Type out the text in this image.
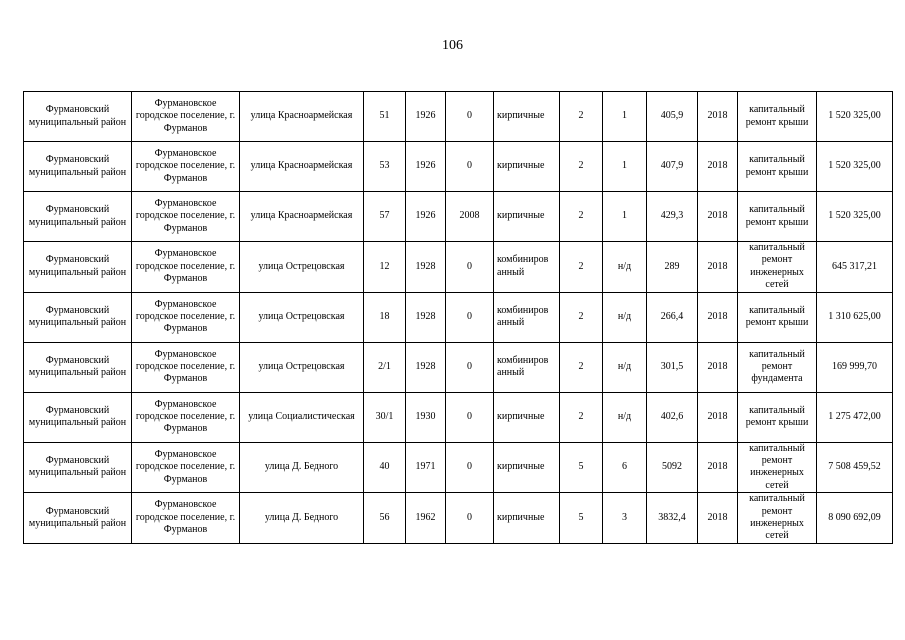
106
Фурмановский муниципальный район	Фурмановское городское поселение, г. Фурманов	улица Красноармейская	51	1926	0	кирпичные	2	1	405,9	2018	капитальный ремонт крыши	1 520 325,00
Фурмановский муниципальный район	Фурмановское городское поселение, г. Фурманов	улица Красноармейская	53	1926	0	кирпичные	2	1	407,9	2018	капитальный ремонт крыши	1 520 325,00
Фурмановский муниципальный район	Фурмановское городское поселение, г. Фурманов	улица Красноармейская	57	1926	2008	кирпичные	2	1	429,3	2018	капитальный ремонт крыши	1 520 325,00
Фурмановский муниципальный район	Фурмановское городское поселение, г. Фурманов	улица Острецовская	12	1928	0	комбиниров анный	2	н/д	289	2018	капитальный ремонт инженерных сетей	645 317,21
Фурмановский муниципальный район	Фурмановское городское поселение, г. Фурманов	улица Острецовская	18	1928	0	комбиниров анный	2	н/д	266,4	2018	капитальный ремонт крыши	1 310 625,00
Фурмановский муниципальный район	Фурмановское городское поселение, г. Фурманов	улица Острецовская	2/1	1928	0	комбиниров анный	2	н/д	301,5	2018	капитальный ремонт фундамента	169 999,70
Фурмановский муниципальный район	Фурмановское городское поселение, г. Фурманов	улица Социалистическая	30/1	1930	0	кирпичные	2	н/д	402,6	2018	капитальный ремонт крыши	1 275 472,00
Фурмановский муниципальный район	Фурмановское городское поселение, г. Фурманов	улица Д. Бедного	40	1971	0	кирпичные	5	6	5092	2018	капитальный ремонт инженерных сетей	7 508 459,52
Фурмановский муниципальный район	Фурмановское городское поселение, г. Фурманов	улица Д. Бедного	56	1962	0	кирпичные	5	3	3832,4	2018	капитальный ремонт инженерных сетей	8 090 692,09
